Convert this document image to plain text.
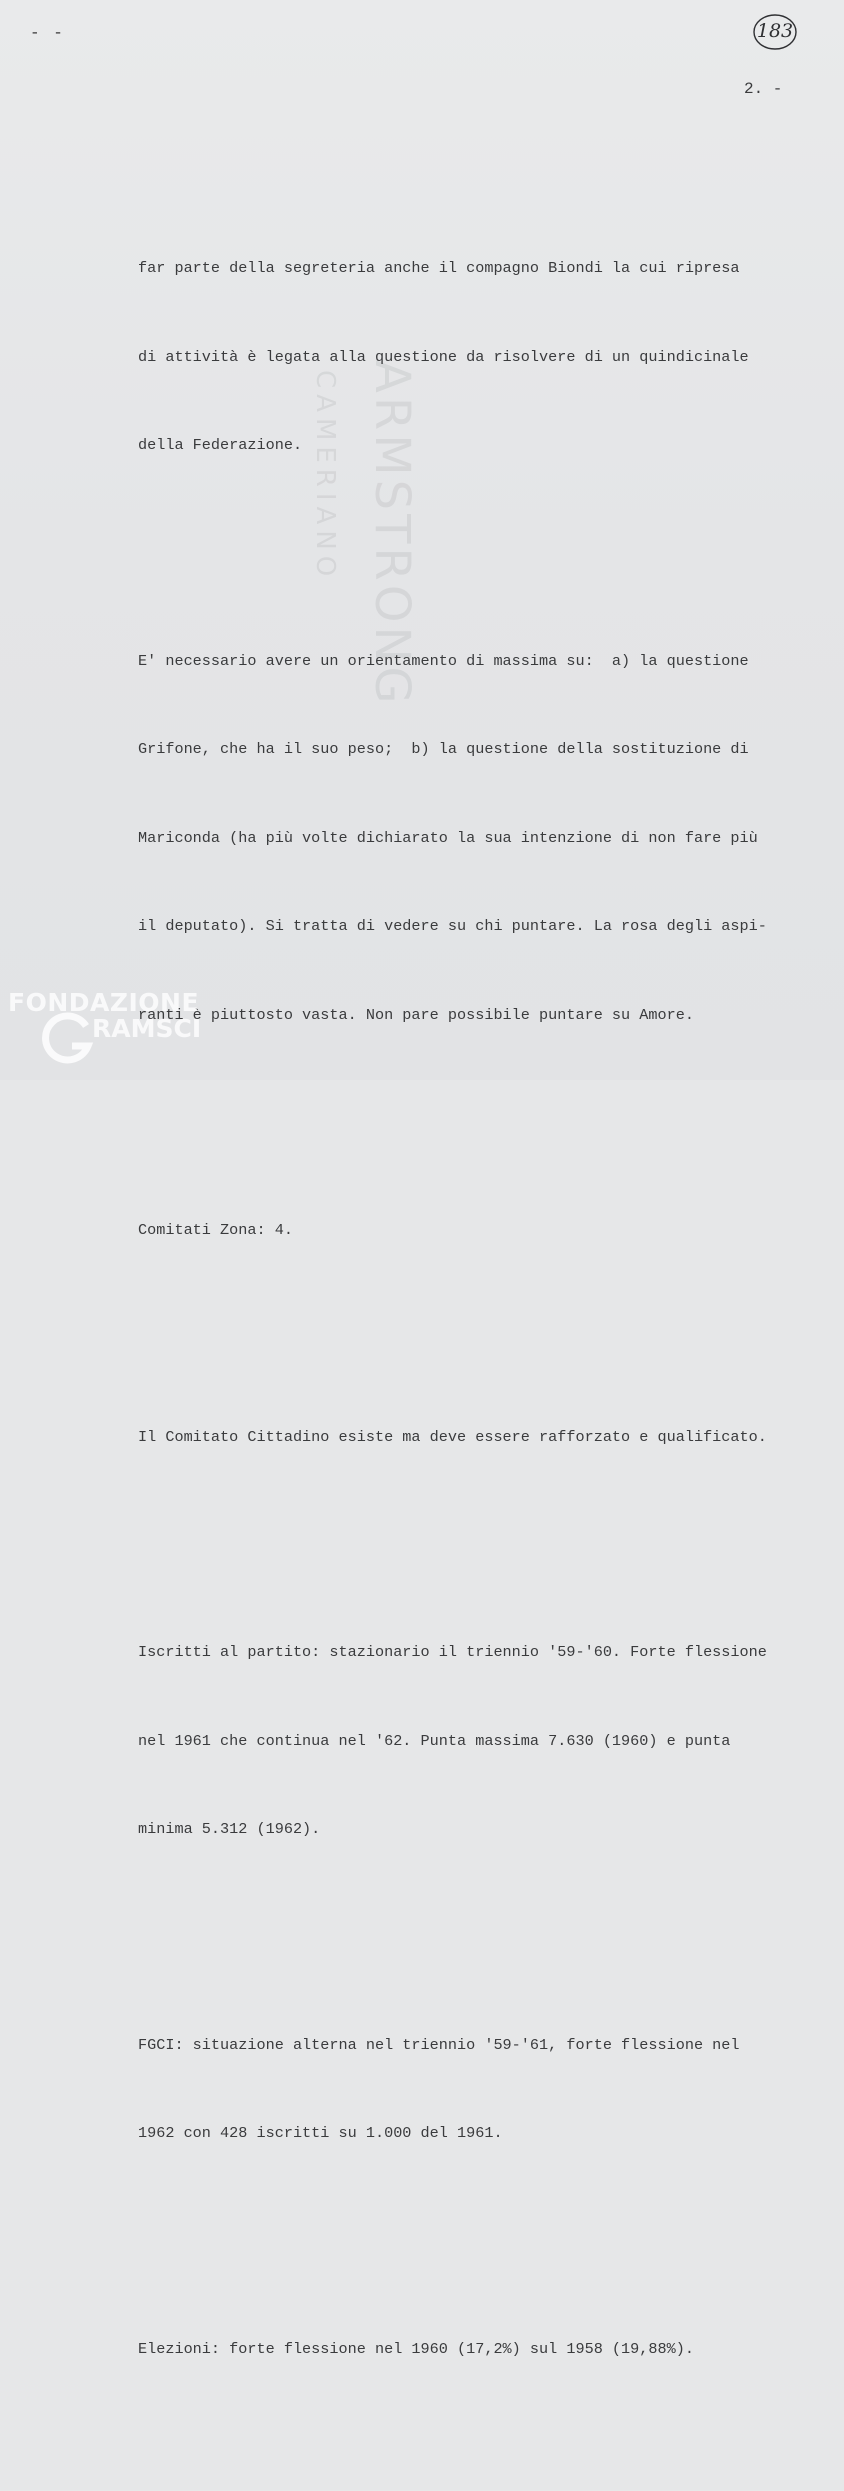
- -	183
2. -
ARMSTRONG
CAMERIANO

far parte della segreteria anche il compagno Biondi la cui ripresa

di attività è legata alla questione da risolvere di un quindicinale

della Federazione.

E' necessario avere un orientamento di massima su:  a) la questione

Grifone, che ha il suo peso;  b) la questione della sostituzione di

Mariconda (ha più volte dichiarato la sua intenzione di non fare più

il deputato). Si tratta di vedere su chi puntare. La rosa degli aspi-

ranti è piuttosto vasta. Non pare possibile puntare su Amore.

Comitati Zona: 4.

Il Comitato Cittadino esiste ma deve essere rafforzato e qualificato.

Iscritti al partito: stazionario il triennio '59-'60. Forte flessione

nel 1961 che continua nel '62. Punta massima 7.630 (1960) e punta

minima 5.312 (1962).

FGCI: situazione alterna nel triennio '59-'61, forte flessione nel

1962 con 428 iscritti su 1.000 del 1961.

Elezioni: forte flessione nel 1960 (17,2%) sul 1958 (19,88%).

FONDAZIONE
RAMSCI
